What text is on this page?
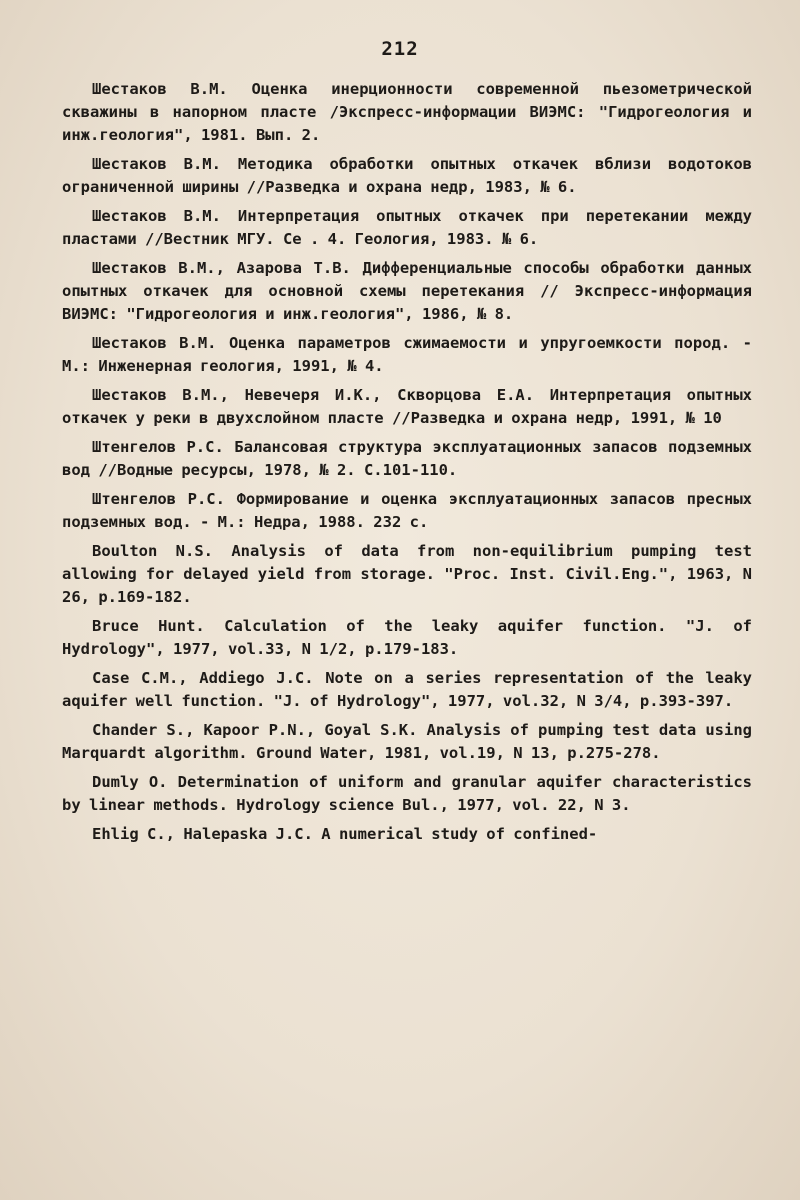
212

Шестаков В.М. Оценка инерционности современной пьезометрической скважины в напорном пласте /Экспресс-информации ВИЭМС: "Гидрогеология и инж.геология", 1981. Вып. 2.

Шестаков В.М. Методика обработки опытных откачек вблизи водотоков ограниченной ширины //Разведка и охрана недр, 1983, № 6.

Шестаков В.М. Интерпретация опытных откачек при перетекании между пластами //Вестник МГУ. Се . 4. Геология, 1983. № 6.

Шестаков В.М., Азарова Т.В. Дифференциальные способы обработки данных опытных откачек для основной схемы перетекания // Экспресс-информация ВИЭМС: "Гидрогеология и инж.геология", 1986, № 8.

Шестаков В.М. Оценка параметров сжимаемости и упругоемкости пород. - М.: Инженерная геология, 1991, № 4.

Шестаков В.М., Невечеря И.К., Скворцова Е.А. Интерпретация опытных откачек у реки в двухслойном пласте //Разведка и охрана недр, 1991, № 10

Штенгелов Р.С. Балансовая структура эксплуатационных запасов подземных вод //Водные ресурсы, 1978, № 2. С.101-110.

Штенгелов Р.С. Формирование и оценка эксплуатационных запасов пресных подземных вод. - М.: Недра, 1988. 232 с.

Boulton N.S. Analysis of data from non-equilibrium pumping test allowing for delayed yield from storage. "Proc. Inst. Civil.Eng.", 1963, N 26, p.169-182.

Bruce Hunt. Calculation of the leaky aquifer function. "J. of Hydrology", 1977, vol.33, N 1/2, p.179-183.

Case C.M., Addiego J.C. Note on a series representation of the leaky aquifer well function. "J. of Hydrology", 1977, vol.32, N 3/4, p.393-397.

Chander S., Kapoor P.N., Goyal S.K. Analysis of pumping test data using Marquardt algorithm. Ground Water, 1981, vol.19, N 13, p.275-278.

Dumly O. Determination of uniform and granular aquifer characteristics by linear methods. Hydrology science Bul., 1977, vol. 22, N 3.

Ehlig C., Halepaska J.C. A numerical study of confined-
